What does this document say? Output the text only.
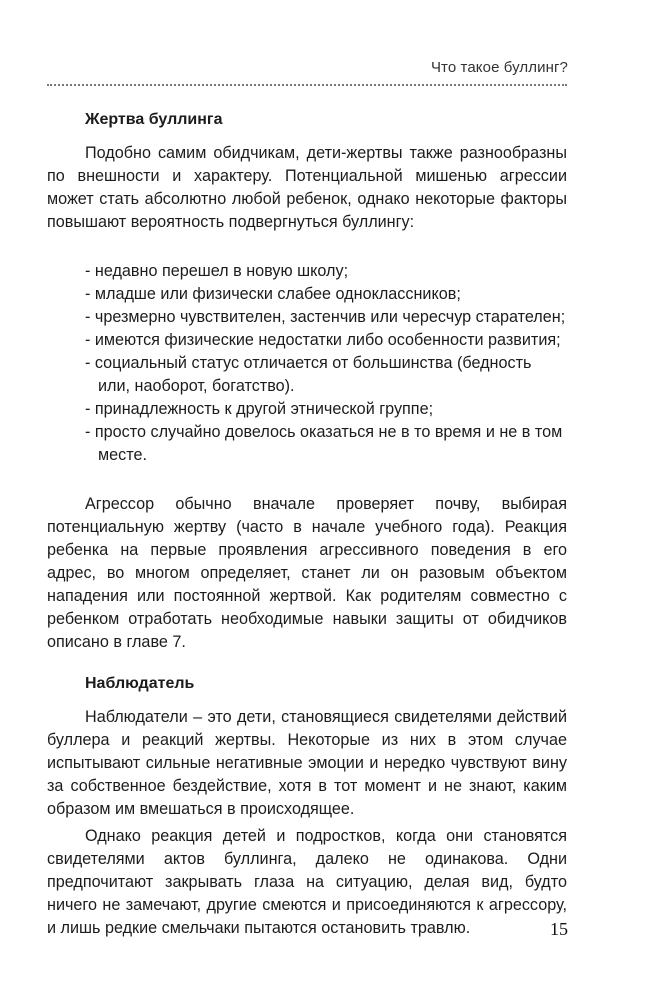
Что такое буллинг?
Жертва буллинга

Подобно самим обидчикам, дети-жертвы также разнообразны по внешности и характеру. Потенциальной мишенью агрессии может стать абсолютно любой ребенок, однако некоторые факторы повышают вероятность подвергнуться буллингу:

- недавно перешел в новую школу;
- младше или физически слабее одноклассников;
- чрезмерно чувствителен, застенчив или чересчур старателен;
- имеются физические недостатки либо особенности развития;
- социальный статус отличается от большинства (бедность или, наоборот, богатство).
- принадлежность к другой этнической группе;
- просто случайно довелось оказаться не в то время и не в том месте.

Агрессор обычно вначале проверяет почву, выбирая потенциальную жертву (часто в начале учебного года). Реакция ребенка на первые проявления агрессивного поведения в его адрес, во многом определяет, станет ли он разовым объектом нападения или постоянной жертвой. Как родителям совместно с ребенком отработать необходимые навыки защиты от обидчиков описано в главе 7.

Наблюдатель

Наблюдатели – это дети, становящиеся свидетелями действий буллера и реакций жертвы. Некоторые из них в этом случае испытывают сильные негативные эмоции и нередко чувствуют вину за собственное бездействие, хотя в тот момент и не знают, каким образом им вмешаться в происходящее.

Однако реакция детей и подростков, когда они становятся свидетелями актов буллинга, далеко не одинакова. Одни предпочитают закрывать глаза на ситуацию, делая вид, будто ничего не замечают, другие смеются и присоединяются к агрессору, и лишь редкие смельчаки пытаются остановить травлю.	15
